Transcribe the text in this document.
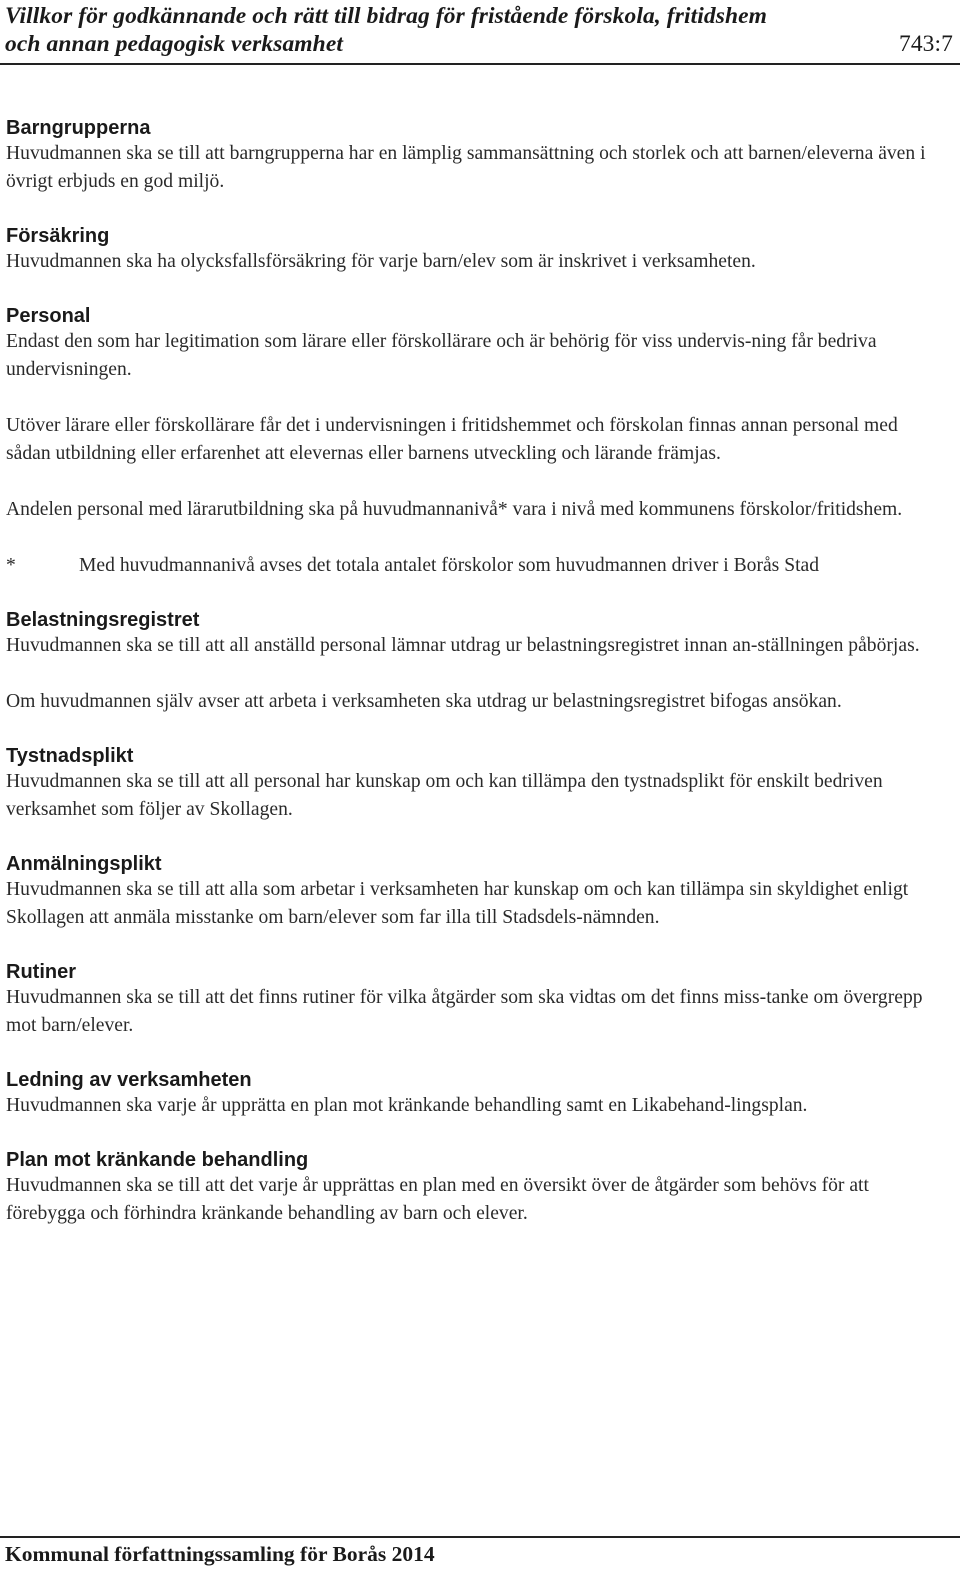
Villkor för godkännande och rätt till bidrag för fristående förskola, fritidshem
och annan pedagogisk verksamhet	743:7
Barngrupperna

Huvudmannen ska se till att barngrupperna har en lämplig sammansättning och storlek och att barnen/eleverna även i övrigt erbjuds en god miljö.

Försäkring

Huvudmannen ska ha olycksfallsförsäkring för varje barn/elev som är inskrivet i verksamheten.

Personal

Endast den som har legitimation som lärare eller förskollärare och är behörig för viss undervis-ning får bedriva undervisningen.

Utöver lärare eller förskollärare får det i undervisningen i fritidshemmet och förskolan finnas annan personal med sådan utbildning eller erfarenhet att elevernas eller barnens utveckling och lärande främjas.

Andelen personal med lärarutbildning ska på huvudmannanivå* vara i nivå med kommunens förskolor/fritidshem.

*	Med huvudmannanivå avses det totala antalet förskolor som huvudmannen driver i Borås Stad
Belastningsregistret

Huvudmannen ska se till att all anställd personal lämnar utdrag ur belastningsregistret innan an-ställningen påbörjas.

Om huvudmannen själv avser att arbeta i verksamheten ska utdrag ur belastningsregistret bifogas ansökan.

Tystnadsplikt

Huvudmannen ska se till att all personal har kunskap om och kan tillämpa den tystnadsplikt för enskilt bedriven verksamhet som följer av Skollagen.

Anmälningsplikt

Huvudmannen ska se till att alla som arbetar i verksamheten har kunskap om och kan tillämpa sin skyldighet enligt Skollagen att anmäla misstanke om barn/elever som far illa till Stadsdels-nämnden.

Rutiner

Huvudmannen ska se till att det finns rutiner för vilka åtgärder som ska vidtas om det finns miss-tanke om övergrepp mot barn/elever.

Ledning av verksamheten

Huvudmannen ska varje år upprätta en plan mot kränkande behandling samt en Likabehand-lingsplan.

Plan mot kränkande behandling

Huvudmannen ska se till att det varje år upprättas en plan med en översikt över de åtgärder som behövs för att förebygga och förhindra kränkande behandling av barn och elever.

Kommunal författningssamling för Borås 2014
